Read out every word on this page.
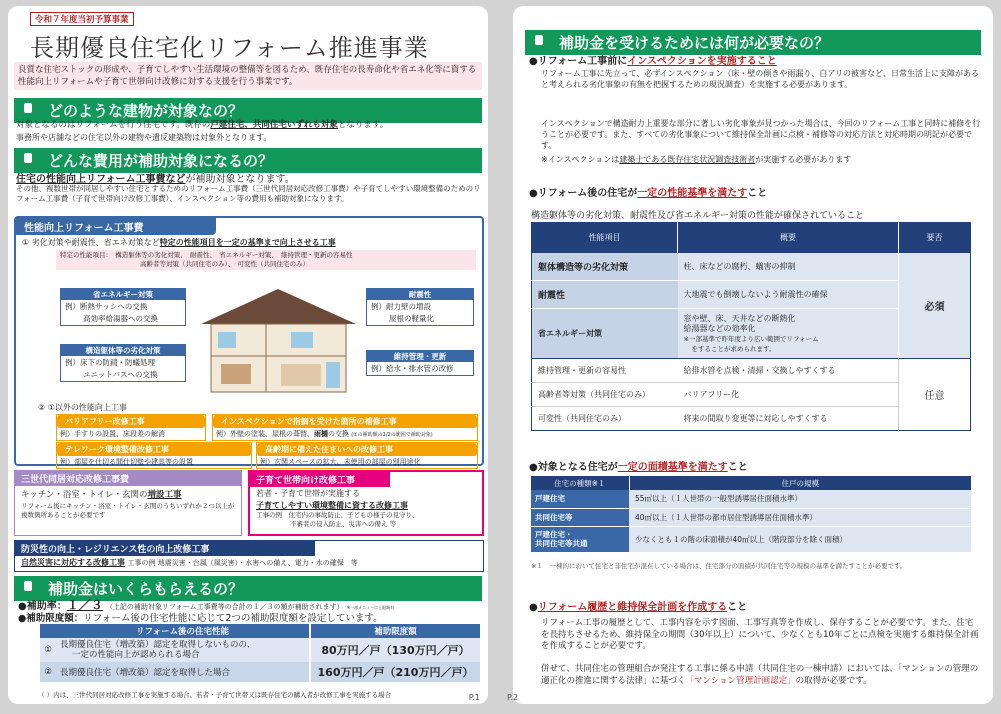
令和７年度当初予算事業
長期優良住宅化リフォーム推進事業
良質な住宅ストックの形成や、子育てしやすい生活環境の整備等を図るため、既存住宅の長寿命化や省エネ化等に資する性能向上リフォームや子育て世帯向け改修に対する支援を行う事業です。
どのような建物が対象なの？
対象となるのはリフォームを行う住宅です。既存の戸建住宅、共同住宅いずれも対象となります。
事務所や店舗などの住宅以外の建物や遺反建築物は対象外となります。
どんな費用が補助対象になるの？
住宅の性能向上リフォーム工事費などが補助対象となります。
その他、複数世帯が同居しやすい住宅とするためのリフォーム工事費（三世代同居対応改修工事費）や子育てしやすい環境整備のためのリフォーム工事費（子育て世帯向け改修工事費）、インスペクション等の費用も補助対象になります。
性能向上リフォーム工事費
① 劣化対策や耐震性、省エネ対策など特定の性能項目を一定の基準まで向上させる工事
特定の性能項目：　構造躯体等の劣化対策、　耐震性、　省エネルギー対策、　維持管理・更新の容易性
高齢者等対策（共同住宅のみ）、　可変性（共同住宅のみ）
省エネルギー対策
例）断熱サッシへの交換
高効率給湯器への交換
構造躯体等の劣化対策
例）床下の防錆・防蟻処理
ユニットバスへの交換
耐震性
例）耐力壁の増設
屋根の軽量化
維持管理・更新
例）給水・排水管の改修
② ①以外の性能向上工事
バリアフリー改修工事
例）手すりの設置、床段差の解消
インスペクションで指摘を受けた箇所の補修工事
例）外壁の塗装、屋根の葺替、雨樋の交換 (①の補助額の1/2の範囲で補助対象)
テレワーク環境整備改修工事
例）部屋を仕切る間仕切壁や建具等の設置
高齢期に備えた住まいへの改修工事
例）玄関スペースの拡大、未使用の部屋の別用途化
三世代同居対応改修工事費
キッチン・浴室・トイレ・玄関の増設工事
リフォーム後にキッチン・浴室・トイレ・玄関のうちいずれか２つ以上が複数箇所あることが必要です
子育て世帯向け改修工事
若者・子育て世帯が実施する
子育てしやすい環境整備に資する改修工事
工事の例　住宅内の事故防止、子どもの様子の見守り、
不審者の侵入防止、災害への備え 等
防災性の向上・レジリエンス性の向上改修工事
自然災害に対応する改修工事 工事の例 地震災害・台風（風災害）・水害への備え、電力・水の確保　等
補助金はいくらもらえるの？
●補助率：１／３ （上記の補助対象リフォーム工事費等の合計の１／３の額が補助されます） ※一部メニューに上限額有
●補助限度額：リフォーム後の住宅性能に応じて2つの補助限度額を設定しています。
	リフォーム後の住宅性能	補助限度額
①	長期優良住宅（増改築）認定を取得しないものの、
一定の性能向上が認められる場合	80万円／戸（130万円／戸）
②	長期優良住宅（増改築）認定を取得した場合	160万円／戸（210万円／戸）
（ ）内は、三世代同居対応改修工事を実施する場合、若者・子育て世帯又は既存住宅の購入者が改修工事を実施する場合	P.1	P.2
補助金を受けるためには何が必要なの？
●リフォーム工事前にインスペクションを実施すること
リフォーム工事に先立って、必ずインスペクション（床・壁の傾きや雨漏り、白アリの被害など、日常生活上に支障があると考えられる劣化事象の有無を把握するための現況調査）を実施する必要があります。
インスペクションで構造耐力上重要な部分に著しい劣化事象が見つかった場合は、今回のリフォーム工事と同時に補修を行うことが必要です。また、すべての劣化事象について維持保全計画に点検・補修等の対応方法と対応時期の明記が必要です。
※インスペクションは建築士である既存住宅状況調査技術者が実施する必要があります
●リフォーム後の住宅が一定の性能基準を満たすこと
構造躯体等の劣化対策、耐震性及び省エネルギー対策の性能が確保されていること
性能項目	概要	要否
躯体構造等の劣化対策	柱、床などの腐朽、蟻害の抑制	必須
耐震性	大地震でも倒壊しないよう耐震性の確保	
省エネルギー対策	窓や壁、床、天井などの断熱化
給湯器などの効率化
※一部基準で昨年度より広い範囲でリフォーム
をすることが求められます。	

維持管理・更新の容易性	給排水管を点検・清掃・交換しやすくする	任意
高齢者等対策（共同住宅のみ）	バリアフリー化	
可変性（共同住宅のみ）	将来の間取り変更等に対応しやすくする	
●対象となる住宅が一定の面積基準を満たすこと
住宅の種類※１	住戸の規模
戸建住宅	55㎡以上（１人世帯の一般型誘導居住面積水準）
共同住宅等	40㎡以上（１人世帯の都市居住型誘導居住面積水準）

戸建住宅・
共同住宅等共通	少なくとも１の階の床面積が40㎡以上（階段部分を除く面積）
※１　一棟的において住宅と非住宅が混在している場合は、住宅部分の面積が共同住宅等の規模の基準を満たすことが必要です。
●リフォーム履歴と維持保全計画を作成すること
リフォーム工事の履歴として、工事内容を示す図面、工事写真等を作成し、保存することが必要です。また、住宅を長持ちさせるため、維持保全の期間（30年以上）について、少なくとも10年ごとに点検を実施する維持保全計画を作成することが必要です。
併せて、共同住宅の管理組合が発注する工事に係る申請（共同住宅の一棟申請）においては、「マンションの管理の適正化の推進に関する法律」に基づく「マンション管理計画認定」の取得が必要です。
